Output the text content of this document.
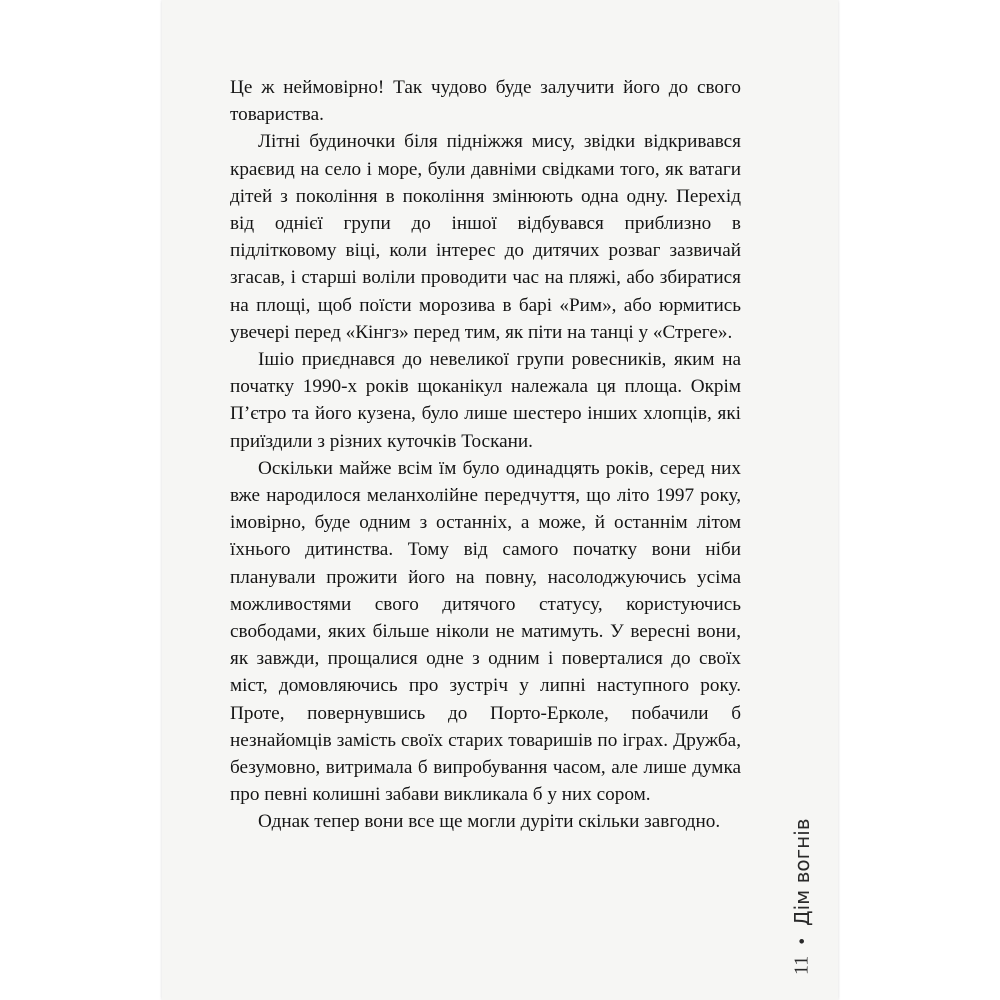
Це ж неймовірно! Так чудово буде залучити його до свого товариства.

Літні будиночки біля підніжжя мису, звідки відкривався краєвид на село і море, були давніми свідками того, як ватаги дітей з покоління в покоління змінюють одна одну. Перехід від однієї групи до іншої відбувався приблизно в підлітковому віці, коли інтерес до дитячих розваг зазвичай згасав, і старші воліли проводити час на пляжі, або збиратися на площі, щоб поїсти морозива в барі «Рим», або юрмитись увечері перед «Кінгз» перед тим, як піти на танці у «Стреге».

Ішіо приєднався до невеликої групи ровесників, яким на початку 1990-х років щоканікул належала ця площа. Окрім П’єтро та його кузена, було лише шестеро інших хлопців, які приїздили з різних куточків Тоскани.

Оскільки майже всім їм було одинадцять років, серед них вже народилося меланхолійне передчуття, що літо 1997 року, імовірно, буде одним з останніх, а може, й останнім літом їхнього дитинства. Тому від самого початку вони ніби планували прожити його на повну, насолоджуючись усіма можливостями свого дитячого статусу, користуючись свободами, яких більше ніколи не матимуть. У вересні вони, як завжди, прощалися одне з одним і поверталися до своїх міст, домовляючись про зустріч у липні наступного року. Проте, повернувшись до Порто-Ерколе, побачили б незнайомців замість своїх старих товаришів по іграх. Дружба, безумовно, витримала б випробування часом, але лише думка про певні колишні забави викликала б у них сором.

Однак тепер вони все ще могли дуріти скільки завгодно.

11
•
Дім вогнів
